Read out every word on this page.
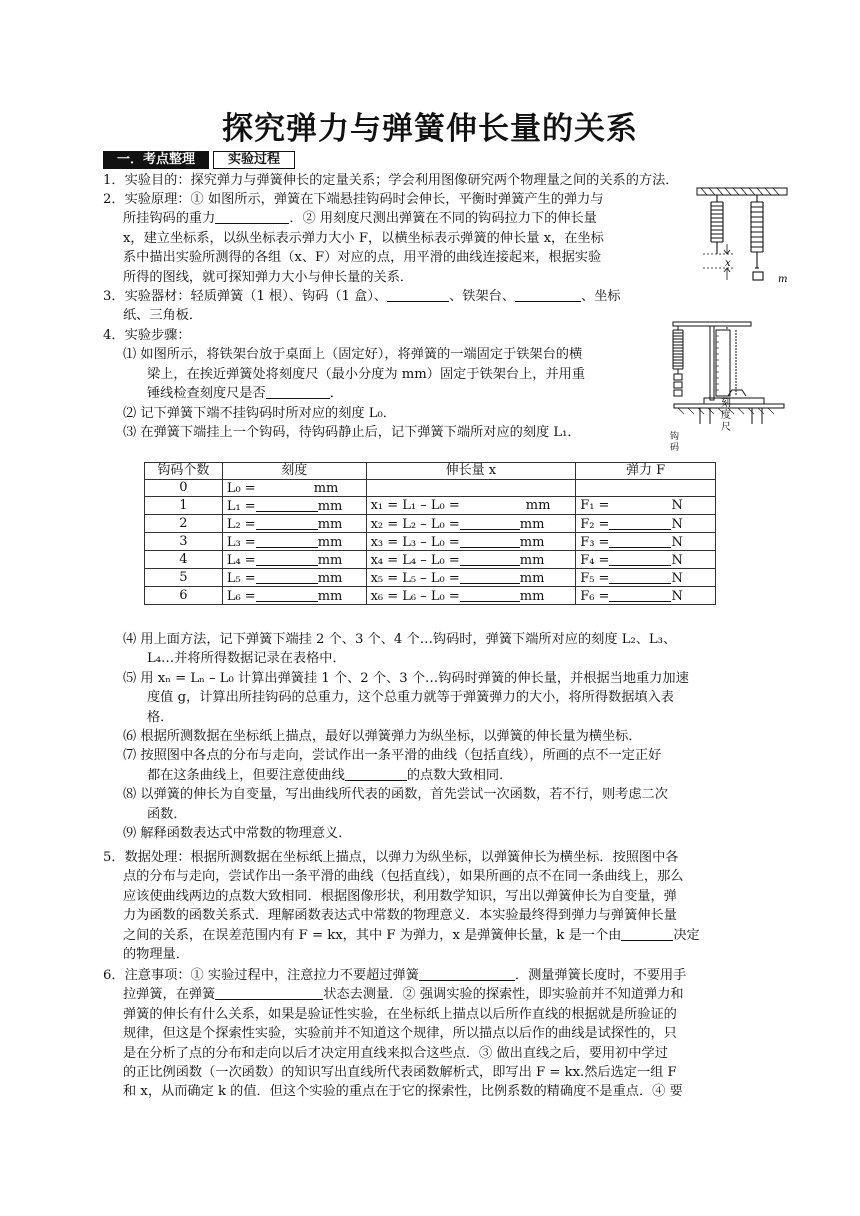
探究弹力与弹簧伸长量的关系
一．考点整理	实验过程
1．实验目的：探究弹力与弹簧伸长的定量关系；学会利用图像研究两个物理量之间的关系的方法．
2．实验原理：① 如图所示，弹簧在下端悬挂钩码时会伸长，平衡时弹簧产生的弹力与
所挂钩码的重力	．② 用刻度尺测出弹簧在不同的钩码拉力下的伸长量
x，建立坐标系，以纵坐标表示弹力大小 F，以横坐标表示弹簧的伸长量 x，在坐标
系中描出实验所测得的各组（x、F）对应的点，用平滑的曲线连接起来，根据实验
所得的图线，就可探知弹力大小与伸长量的关系．
3．实验器材：轻质弹簧（1 根）、钩码（1 盒）、	、铁架台、	、坐标
纸、三角板．
4．实验步骤：
⑴ 如图所示，将铁架台放于桌面上（固定好），将弹簧的一端固定于铁架台的横
梁上，在挨近弹簧处将刻度尺（最小分度为 mm）固定于铁架台上，并用重
锤线检查刻度尺是否	．
⑵ 记下弹簧下端不挂钩码时所对应的刻度 L₀．
⑶ 在弹簧下端挂上一个钩码，待钩码静止后，记下弹簧下端所对应的刻度 L₁．
钩码个数	刻度	伸长量 x	弹力 F
0	L₀ = mm		
1	L₁ = mm	x₁ = L₁ – L₀ = mm	F₁ = N
2	L₂ = mm	x₂ = L₂ – L₀ = mm	F₂ = N
3	L₃ = mm	x₃ = L₃ – L₀ = mm	F₃ = N
4	L₄ = mm	x₄ = L₄ – L₀ = mm	F₄ = N
5	L₅ = mm	x₅ = L₅ – L₀ = mm	F₅ = N
6	L₆ = mm	x₆ = L₆ – L₀ = mm	F₆ = N
⑷ 用上面方法，记下弹簧下端挂 2 个、3 个、4 个…钩码时，弹簧下端所对应的刻度 L₂、L₃、
L₄…并将所得数据记录在表格中．
⑸ 用 xₙ = Lₙ – L₀ 计算出弹簧挂 1 个、2 个、3 个…钩码时弹簧的伸长量，并根据当地重力加速
度值 g，计算出所挂钩码的总重力，这个总重力就等于弹簧弹力的大小，将所得数据填入表
格．
⑹ 根据所测数据在坐标纸上描点，最好以弹簧弹力为纵坐标，以弹簧的伸长量为横坐标．
⑺ 按照图中各点的分布与走向，尝试作出一条平滑的曲线（包括直线），所画的点不一定正好
都在这条曲线上，但要注意使曲线	的点数大致相同．
⑻ 以弹簧的伸长为自变量，写出曲线所代表的函数，首先尝试一次函数，若不行，则考虑二次
函数．
⑼ 解释函数表达式中常数的物理意义．
5．数据处理：根据所测数据在坐标纸上描点，以弹力为纵坐标，以弹簧伸长为横坐标．按照图中各
点的分布与走向，尝试作出一条平滑的曲线（包括直线），如果所画的点不在同一条曲线上，那么
应该使曲线两边的点数大致相同．根据图像形状，利用数学知识，写出以弹簧伸长为自变量，弹
力为函数的函数关系式．理解函数表达式中常数的物理意义．本实验最终得到弹力与弹簧伸长量
之间的关系，在误差范围内有 F = kx，其中 F 为弹力，x 是弹簧伸长量，k 是一个由	决定
的物理量．
6．注意事项：① 实验过程中，注意拉力不要超过弹簧	．测量弹簧长度时，不要用手
拉弹簧，在弹簧	状态去测量．② 强调实验的探索性，即实验前并不知道弹力和
弹簧的伸长有什么关系，如果是验证性实验，在坐标纸上描点以后所作直线的根据就是所验证的
规律，但这是个探索性实验，实验前并不知道这个规律，所以描点以后作的曲线是试探性的，只
是在分析了点的分布和走向以后才决定用直线来拟合这些点．③ 做出直线之后，要用初中学过
的正比例函数（一次函数）的知识写出直线所代表函数解析式，即写出 F = kx.然后选定一组 F
和 x，从而确定 k 的值．但这个实验的重点在于它的探索性，比例系数的精确度不是重点．④ 要
x
m
刻度尺
钩码
